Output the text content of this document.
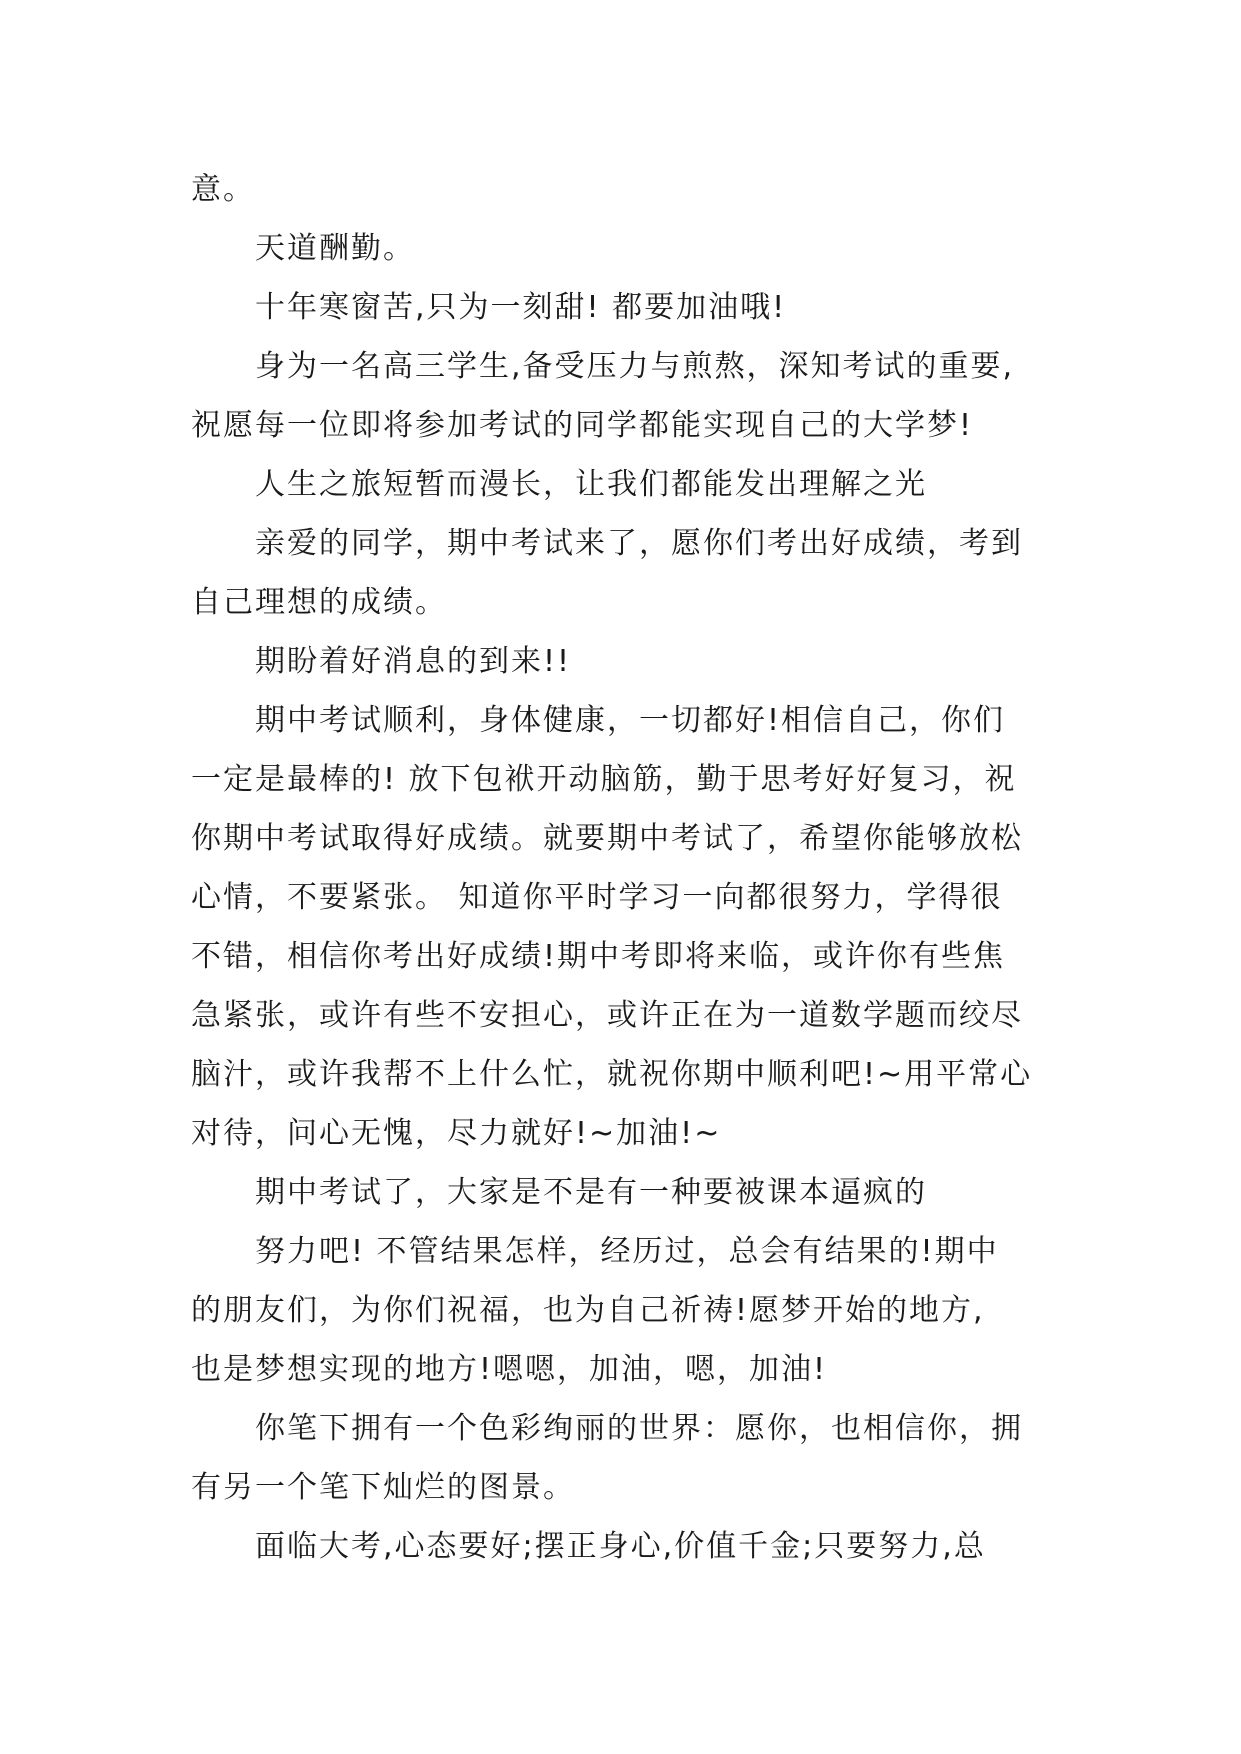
意。

天道酬勤。

十年寒窗苦,只为一刻甜! 都要加油哦!

身为一名高三学生,备受压力与煎熬，深知考试的重要,

祝愿每一位即将参加考试的同学都能实现自己的大学梦!

人生之旅短暂而漫长，让我们都能发出理解之光

亲爱的同学，期中考试来了，愿你们考出好成绩，考到

自己理想的成绩。

期盼着好消息的到来!!

期中考试顺利，身体健康，一切都好!相信自己，你们

一定是最棒的! 放下包袱开动脑筋，勤于思考好好复习，祝

你期中考试取得好成绩。就要期中考试了，希望你能够放松

心情，不要紧张。 知道你平时学习一向都很努力，学得很

不错，相信你考出好成绩!期中考即将来临，或许你有些焦

急紧张，或许有些不安担心，或许正在为一道数学题而绞尽

脑汁，或许我帮不上什么忙，就祝你期中顺利吧!~用平常心

对待，问心无愧，尽力就好!~加油!~

期中考试了，大家是不是有一种要被课本逼疯的

努力吧! 不管结果怎样，经历过，总会有结果的!期中

的朋友们，为你们祝福，也为自己祈祷!愿梦开始的地方,

也是梦想实现的地方!嗯嗯，加油，嗯，加油!

你笔下拥有一个色彩绚丽的世界：愿你，也相信你，拥

有另一个笔下灿烂的图景。

面临大考,心态要好;摆正身心,价值千金;只要努力,总
